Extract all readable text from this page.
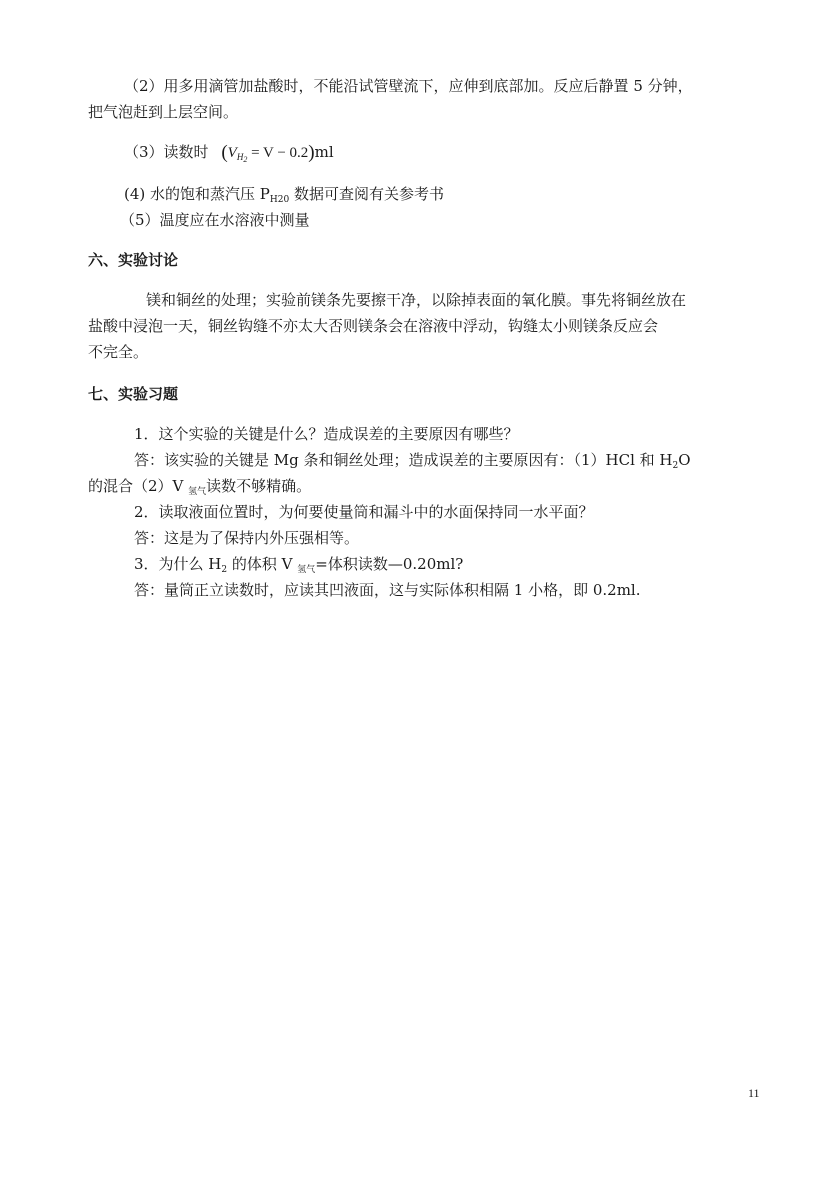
（2）用多用滴管加盐酸时，不能沿试管壁流下，应伸到底部加。反应后静置 5 分钟，
把气泡赶到上层空间。
（3）读数时 $(V_{H2} = V - 0.2)ml$
(4) 水的饱和蒸汽压 $P_{H20}$ 数据可查阅有关参考书
（5）温度应在水溶液中测量
六、实验讨论
镁和铜丝的处理；实验前镁条先要擦干净，以除掉表面的氧化膜。事先将铜丝放在
盐酸中浸泡一天，铜丝钩缝不亦太大否则镁条会在溶液中浮动，钩缝太小则镁条反应会
不完全。
七、实验习题
1．这个实验的关键是什么？造成误差的主要原因有哪些？
答：该实验的关键是 Mg 条和铜丝处理；造成误差的主要原因有：（1）HCl 和 $H_2O$
的混合（2）V $_{氢气}$读数不够精确。
2．读取液面位置时，为何要使量筒和漏斗中的水面保持同一水平面？
答：这是为了保持内外压强相等。
3．为什么 $H_2$ 的体积 V $_{氢气}$=体积读数—0.20ml?
答：量筒正立读数时，应读其凹液面，这与实际体积相隔 1 小格，即 0.2ml.
11
